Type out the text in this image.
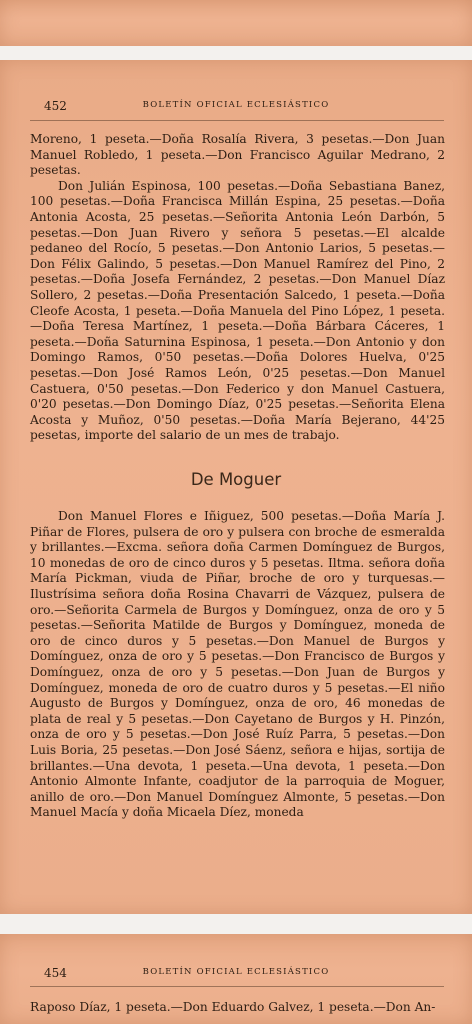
452	BOLETÍN OFICIAL ECLESIÁSTICO

Moreno, 1 peseta.—Doña Rosalía Rivera, 3 pesetas.—Don Juan Manuel Robledo, 1 peseta.—Don Francisco Aguilar Medrano, 2 pesetas.

Don Julián Espinosa, 100 pesetas.—Doña Sebastiana Banez, 100 pesetas.—Doña Francisca Millán Espina, 25 pesetas.—Doña Antonia Acosta, 25 pesetas.—Señorita Antonia León Darbón, 5 pesetas.—Don Juan Rivero y señora 5 pesetas.—El alcalde pedaneo del Rocío, 5 pesetas.—Don Antonio Larios, 5 pesetas.—Don Félix Galindo, 5 pesetas.—Don Manuel Ramírez del Pino, 2 pesetas.—Doña Josefa Fernández, 2 pesetas.—Don Manuel Díaz Sollero, 2 pesetas.—Doña Presentación Salcedo, 1 peseta.—Doña Cleofe Acosta, 1 peseta.—Doña Manuela del Pino López, 1 peseta.—Doña Teresa Martínez, 1 peseta.—Doña Bárbara Cáceres, 1 peseta.—Doña Saturnina Espinosa, 1 peseta.—Don Antonio y don Domingo Ramos, 0'50 pesetas.—Doña Dolores Huelva, 0'25 pesetas.—Don José Ramos León, 0'25 pesetas.—Don Manuel Castuera, 0'50 pesetas.—Don Federico y don Manuel Castuera, 0'20 pesetas.—Don Domingo Díaz, 0'25 pesetas.—Señorita Elena Acosta y Muñoz, 0'50 pesetas.—Doña María Bejerano, 44'25 pesetas, importe del salario de un mes de trabajo.

De Moguer

Don Manuel Flores e Iñiguez, 500 pesetas.—Doña María J. Piñar de Flores, pulsera de oro y pulsera con broche de esmeralda y brillantes.—Excma. señora doña Carmen Domínguez de Burgos, 10 monedas de oro de cinco duros y 5 pesetas. Iltma. señora doña María Pickman, viuda de Piñar, broche de oro y turquesas.—Ilustrísima señora doña Rosina Chavarri de Vázquez, pulsera de oro.—Señorita Carmela de Burgos y Domínguez, onza de oro y 5 pesetas.—Señorita Matilde de Burgos y Domínguez, moneda de oro de cinco duros y 5 pesetas.—Don Manuel de Burgos y Domínguez, onza de oro y 5 pesetas.—Don Francisco de Burgos y Domínguez, onza de oro y 5 pesetas.—Don Juan de Burgos y Domínguez, moneda de oro de cuatro duros y 5 pesetas.—El niño Augusto de Burgos y Domínguez, onza de oro, 46 monedas de plata de real y 5 pesetas.—Don Cayetano de Burgos y H. Pinzón, onza de oro y 5 pesetas.—Don José Ruíz Parra, 5 pesetas.—Don Luis Boria, 25 pesetas.—Don José Sáenz, señora e hijas, sortija de brillantes.—Una devota, 1 peseta.—Una devota, 1 peseta.—Don Antonio Almonte Infante, coadjutor de la parroquia de Moguer, anillo de oro.—Don Manuel Domínguez Almonte, 5 pesetas.—Don Manuel Macía y doña Micaela Díez, moneda

454	BOLETÍN OFICIAL ECLESIÁSTICO

Raposo Díaz, 1 peseta.—Don Eduardo Galvez, 1 peseta.—Don An-
